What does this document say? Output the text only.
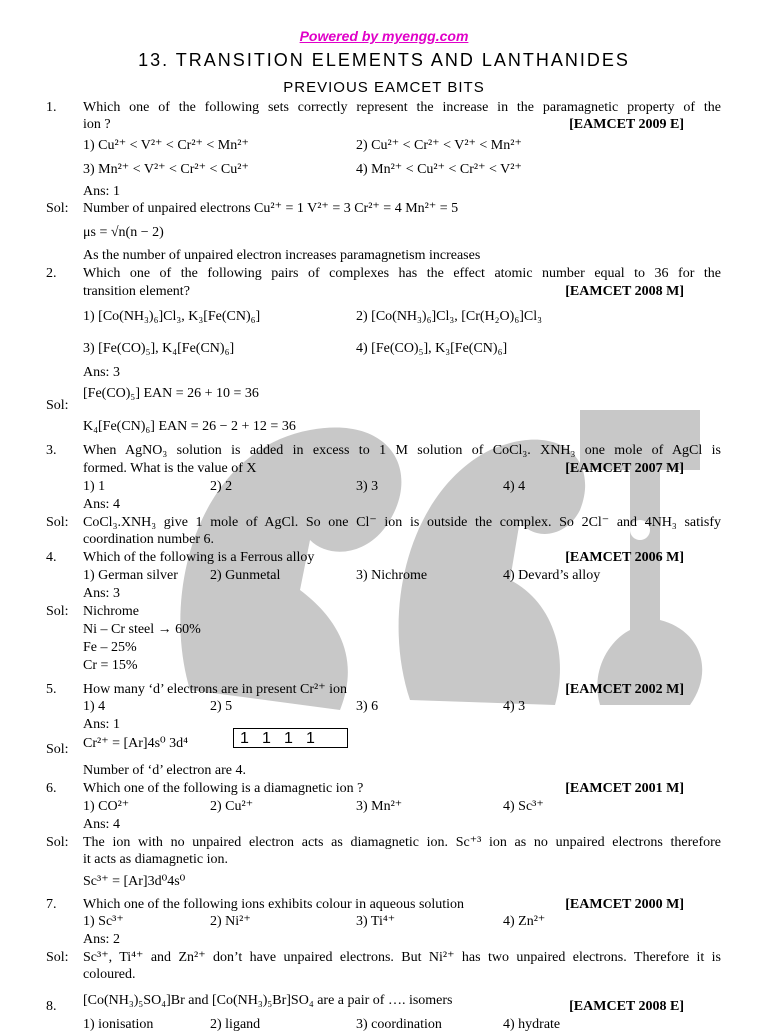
Powered by myengg.com
13. TRANSITION ELEMENTS AND LANTHANIDES
PREVIOUS EAMCET BITS
1. Which one of the following sets correctly represent the increase in the paramagnetic property of the
ion ?	[EAMCET 2009 E]
1) Cu²⁺ < V²⁺ < Cr²⁺ < Mn²⁺	2) Cu²⁺ < Cr²⁺ < V²⁺ < Mn²⁺
3) Mn²⁺ < V²⁺ < Cr²⁺ < Cu²⁺	4) Mn²⁺ < Cu²⁺ < Cr²⁺ < V²⁺
Ans: 1
Sol: Number of unpaired electrons Cu²⁺ = 1 V²⁺ = 3 Cr²⁺ = 4 Mn²⁺ = 5
μs = √n(n − 2)
As the number of unpaired electron increases paramagnetism increases
2. Which one of the following pairs of complexes has the effect atomic number equal to 36 for the
transition element?	[EAMCET 2008 M]
1) [Co(NH₃)₆]Cl₃, K₃[Fe(CN)₆]	2) [Co(NH₃)₆]Cl₃, [Cr(H₂O)₆]Cl₃
3) [Fe(CO)₅], K₄[Fe(CN)₆]	4) [Fe(CO)₅], K₃[Fe(CN)₆]
Ans: 3
Sol:
[Fe(CO)₅] EAN = 26 + 10 = 36
K₄[Fe(CN)₆] EAN = 26 − 2 + 12 = 36
3. When AgNO₃ solution is added in excess to 1 M solution of CoCl₃. XNH₃ one mole of AgCl is
formed. What is the value of X	[EAMCET 2007 M]
1) 1	2) 2	3) 3	4) 4
Ans: 4
Sol: CoCl₃.XNH₃ give 1 mole of AgCl. So one Cl⁻ ion is outside the complex. So 2Cl⁻ and 4NH₃ satisfy
coordination number 6.
4. Which of the following is a Ferrous alloy	[EAMCET 2006 M]
1) German silver 2) Gunmetal	3) Nichrome	4) Devard’s alloy
Ans: 3
Sol: Nichrome
Ni – Cr steel → 60%
Fe – 25%
Cr = 15%
5. How many ‘d’ electrons are in present Cr²⁺ ion	[EAMCET 2002 M]
1) 4	2) 5	3) 6	4) 3
Ans: 1
Sol: Cr²⁺ = [Ar]4s⁰ 3d⁴	1 1 1 1
Number of ‘d’ electron are 4.
6. Which one of the following is a diamagnetic ion ?	[EAMCET 2001 M]
1) CO²⁺	2) Cu²⁺	3) Mn²⁺	4) Sc³⁺
Ans: 4
Sol: The ion with no unpaired electron acts as diamagnetic ion. Sc⁺³ ion as no unpaired electrons therefore
it acts as diamagnetic ion.
Sc³⁺ = [Ar]3d⁰4s⁰
7. Which one of the following ions exhibits colour in aqueous solution	[EAMCET 2000 M]
1) Sc³⁺	2) Ni²⁺	3) Ti⁴⁺	4) Zn²⁺
Ans: 2
Sol: Sc³⁺, Ti⁴⁺ and Zn²⁺ don’t have unpaired electrons. But Ni²⁺ has two unpaired electrons. Therefore it is
coloured.
8. [Co(NH₃)₅SO₄]Br and [Co(NH₃)₅Br]SO₄ are a pair of …. isomers	[EAMCET 2008 E]
1) ionisation	2) ligand	3) coordination	4) hydrate
